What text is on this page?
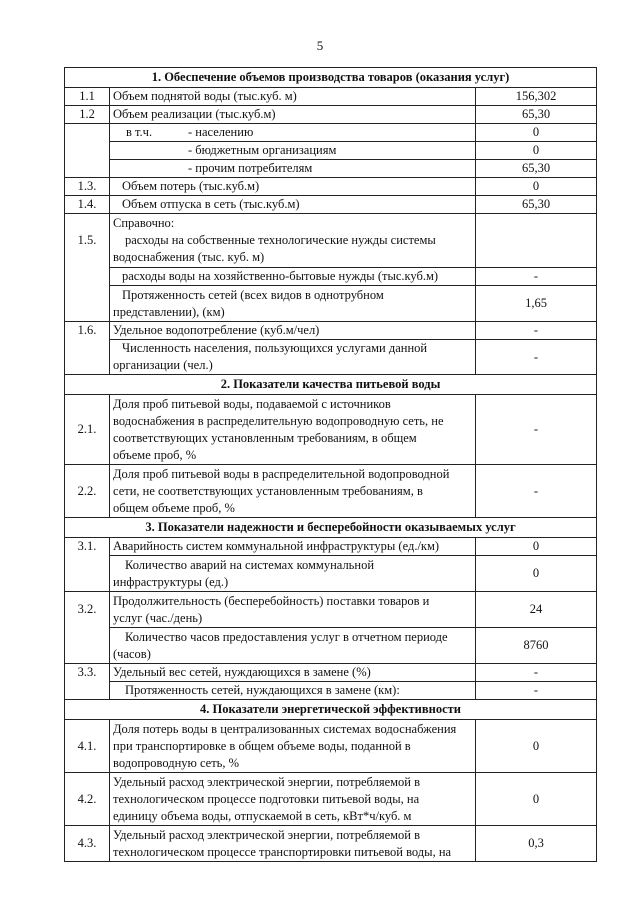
5
1. Обеспечение объемов производства товаров (оказания услуг)		
1.1	Объем поднятой воды (тыс.куб. м)	156,302
1.2	Объем реализации (тыс.куб.м)	65,30
	в т.ч. - населению	0
	- бюджетным организациям	0
	- прочим потребителям	65,30
1.3.	Объем потерь (тыс.куб.м)	0
1.4.	Объем отпуска в сеть (тыс.куб.м)	65,30
1.5.	Справочно:
расходы на собственные технологические нужды системы
водоснабжения (тыс. куб. м)	

	расходы воды на хозяйственно-бытовые нужды (тыс.куб.м)	-

	Протяженность сетей (всех видов в однотрубном
представлении), (км)	1,65
1.6.	Удельное водопотребление (куб.м/чел)	-

	Численность населения, пользующихся услугами данной
организации (чел.)	-
2. Показатели качества питьевой воды		
2.1.	Доля проб питьевой воды, подаваемой с источников
водоснабжения в распределительную водопроводную сеть, не
соответствующих установленным требованиям, в общем
объеме проб, %	-
2.2.	Доля проб питьевой воды в распределительной водопроводной
сети, не соответствующих установленным требованиям, в
общем объеме проб, %	-
3. Показатели надежности и бесперебойности оказываемых услуг		
3.1.	Аварийность систем коммунальной инфраструктуры (ед./км)	0

	Количество аварий на системах коммунальной
инфраструктуры (ед.)	0
3.2.	Продолжительность (бесперебойность) поставки товаров и
услуг (час./день)	24

	Количество часов предоставления услуг в отчетном периоде
(часов)	8760
3.3.	Удельный вес сетей, нуждающихся в замене (%)	-

	Протяженность сетей, нуждающихся в замене (км):	-
4. Показатели энергетической эффективности		
4.1.	Доля потерь воды в централизованных системах водоснабжения
при транспортировке в общем объеме воды, поданной в
водопроводную сеть, %	0
4.2.	Удельный расход электрической энергии, потребляемой в
технологическом процессе подготовки питьевой воды, на
единицу объема воды, отпускаемой в сеть, кВт*ч/куб. м	0
4.3.	Удельный расход электрической энергии, потребляемой в
технологическом процессе транспортировки питьевой воды, на	0,3
